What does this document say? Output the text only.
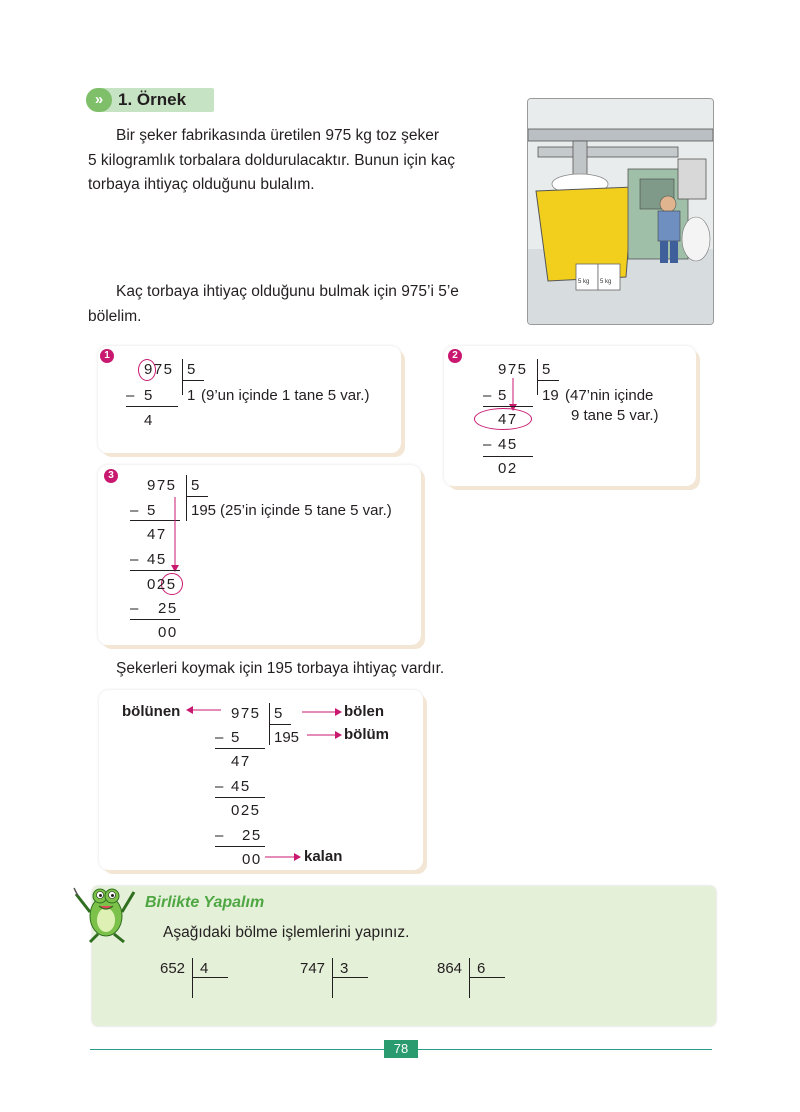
» 1. Örnek

Bir şeker fabrikasında üretilen 975 kg toz şeker

5 kilogramlık torbalara doldurulacaktır. Bunun için kaç

torbaya ihtiyaç olduğunu bulalım.

Kaç torbaya ihtiyaç olduğunu bulmak için 975’i 5’e

bölelim.

5 kg 5 kg
1
975 5
– 5 1 (9’un içinde 1 tane 5 var.)
4
2
975 5
– 5 19 (47’nin içinde
9 tane 5 var.)
47
– 45
02
3
975 5
– 5 195 (25’in içinde 5 tane 5 var.)
47
– 45
025
– 25
00
Şekerleri koymak için 195 torbaya ihtiyaç vardır.
bölünen	975 5	bölen
– 5 195	bölüm
47
– 45
025
– 25
00	kalan
Birlikte Yapalım
Aşağıdaki bölme işlemlerini yapınız.
652 4	747 3	864 6
78
